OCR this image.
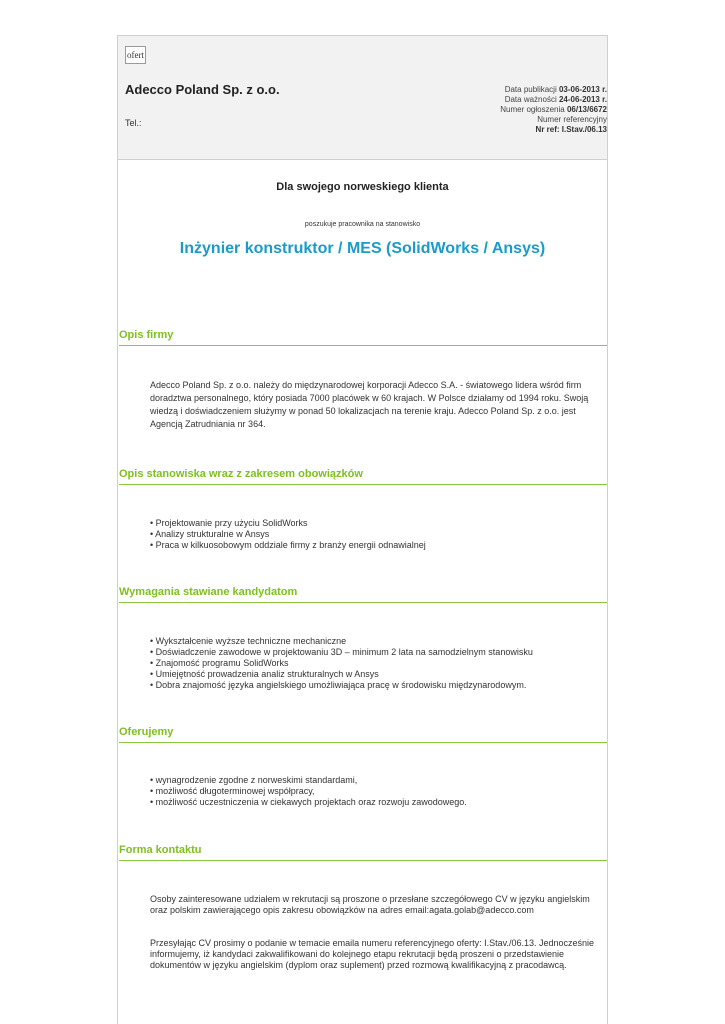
ofert
Adecco Poland Sp. z o.o.
Tel.:
Data publikacji 03-06-2013 r.
Data ważności 24-06-2013 r.
Numer ogłoszenia 06/13/6672
Numer referencyjny
Nr ref: I.Stav./06.13
Dla swojego norweskiego klienta
poszukuje pracownika na stanowisko
Inżynier konstruktor / MES (SolidWorks / Ansys)
Opis firmy
Adecco Poland Sp. z o.o. należy do międzynarodowej korporacji Adecco S.A. - światowego lidera wśród firm doradztwa personalnego, który posiada 7000 placówek w 60 krajach. W Polsce działamy od 1994 roku. Swoją wiedzą i doświadczeniem służymy w ponad 50 lokalizacjach na terenie kraju. Adecco Poland Sp. z o.o. jest Agencją Zatrudniania nr 364.
Opis stanowiska wraz z zakresem obowiązków
• Projektowanie przy użyciu SolidWorks
• Analizy strukturalne w Ansys
• Praca w kilkuosobowym oddziale firmy z branży energii odnawialnej
Wymagania stawiane kandydatom
• Wykształcenie wyższe techniczne mechaniczne
• Doświadczenie zawodowe w projektowaniu 3D – minimum 2 lata na samodzielnym stanowisku
• Znajomość programu SolidWorks
• Umiejętność prowadzenia analiz strukturalnych w Ansys
• Dobra znajomość języka angielskiego umożliwiająca pracę w środowisku międzynarodowym.
Oferujemy
• wynagrodzenie zgodne z norweskimi standardami,
• możliwość długoterminowej współpracy,
• możliwość uczestniczenia w ciekawych projektach oraz rozwoju zawodowego.
Forma kontaktu
Osoby zainteresowane udziałem w rekrutacji są proszone o przesłane szczegółowego CV w języku angielskim oraz polskim zawierającego opis zakresu obowiązków na adres email:agata.golab@adecco.com
Przesyłając CV prosimy o podanie w temacie emaila numeru referencyjnego oferty: I.Stav./06.13. Jednocześnie informujemy, iż kandydaci zakwalifikowani do kolejnego etapu rekrutacji będą proszeni o przedstawienie dokumentów w języku angielskim (dyplom oraz suplement) przed rozmową kwalifikacyjną z pracodawcą.
